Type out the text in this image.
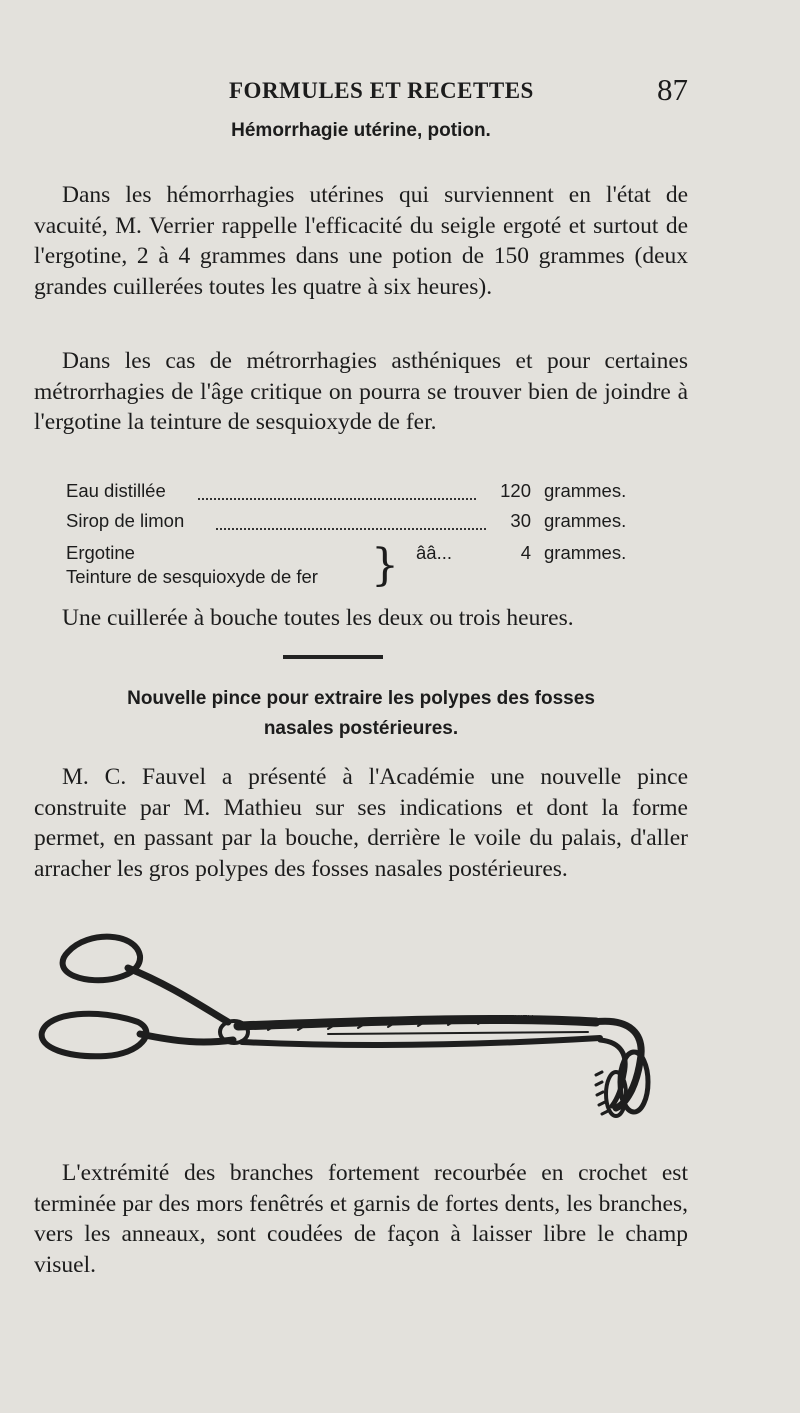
FORMULES ET RECETTES	87
Hémorrhagie utérine, potion.

Dans les hémorrhagies utérines qui surviennent en l'état de vacuité, M. Verrier rappelle l'efficacité du seigle ergoté et surtout de l'ergotine, 2 à 4 grammes dans une potion de 150 grammes (deux grandes cuillerées toutes les quatre à six heures).

Dans les cas de métrorrhagies asthéniques et pour certaines métrorrhagies de l'âge critique on pourra se trouver bien de joindre à l'ergotine la teinture de sesquioxyde de fer.

Eau distillée	120 grammes.
Sirop de limon	30 grammes.
Ergotine
Teinture de sesquioxyde de fer } ââ...	4 grammes.

Une cuillerée à bouche toutes les deux ou trois heures.

Nouvelle pince pour extraire les polypes des fosses
nasales postérieures.

M. C. Fauvel a présenté à l'Académie une nouvelle pince construite par M. Mathieu sur ses indications et dont la forme permet, en passant par la bouche, derrière le voile du palais, d'aller arracher les gros polypes des fosses nasales postérieures.

MATHIEU

L'extrémité des branches fortement recourbée en crochet est terminée par des mors fenêtrés et garnis de fortes dents, les branches, vers les anneaux, sont coudées de façon à laisser libre le champ visuel.
